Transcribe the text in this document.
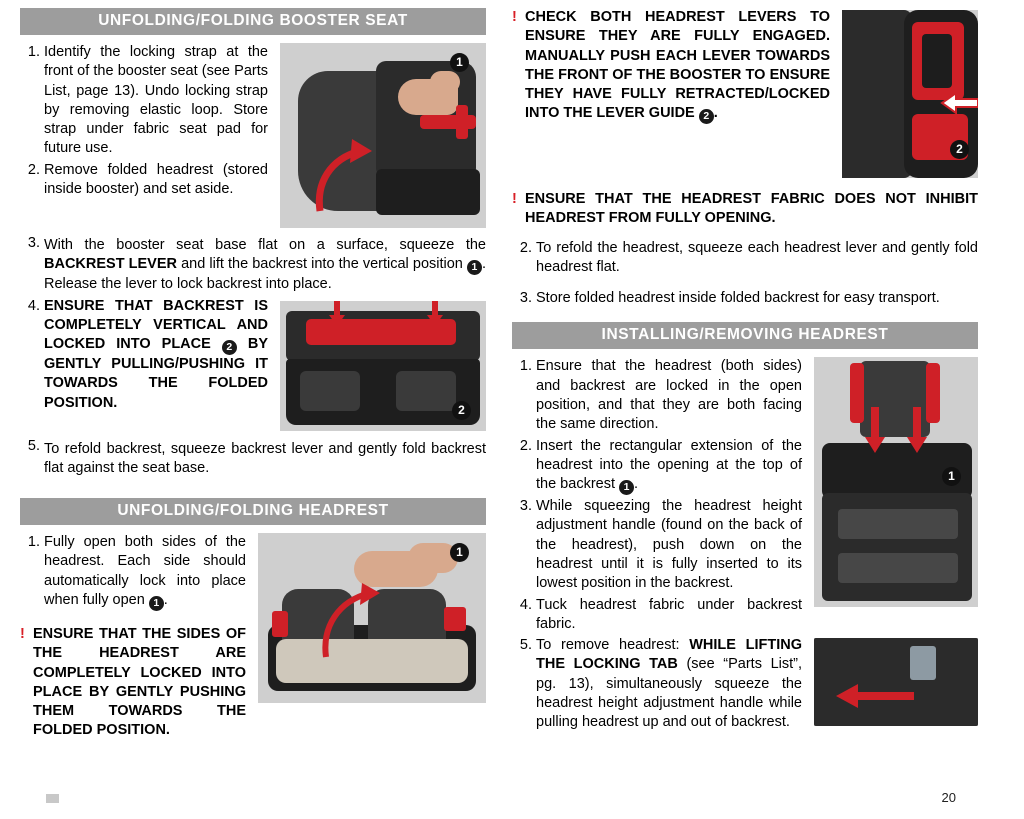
UNFOLDING/FOLDING BOOSTER SEAT
1
1. Identify the locking strap at the front of the booster seat (see Parts List, page 13). Undo locking strap by removing elastic loop. Store strap under fabric seat pad for future use.
2. Remove folded headrest (stored inside booster) and set aside.
3. With the booster seat base flat on a surface, squeeze the BACKREST LEVER and lift the backrest into the vertical position 1 . Release the lever to lock backrest into place.
2
4. ENSURE THAT BACKREST IS COMPLETELY VERTICAL AND LOCKED INTO PLACE 2 BY GENTLY PULLING/PUSHING IT TOWARDS THE FOLDED POSITION.
5. To refold backrest, squeeze backrest lever and gently fold backrest flat against the seat base.
UNFOLDING/FOLDING HEADREST
1
1. Fully open both sides of the headrest. Each side should automatically lock into place when fully open 1 .
! ENSURE THAT THE SIDES OF THE HEADREST ARE COMPLETELY LOCKED INTO PLACE BY GENTLY PUSHING THEM TOWARDS THE FOLDED POSITION.
2
! CHECK BOTH HEADREST LEVERS TO ENSURE THEY ARE FULLY ENGAGED. MANUALLY PUSH EACH LEVER TOWARDS THE FRONT OF THE BOOSTER TO ENSURE THEY HAVE FULLY RETRACTED/LOCKED INTO THE LEVER GUIDE 2 .
! ENSURE THAT THE HEADREST FABRIC DOES NOT INHIBIT HEADREST FROM FULLY OPENING.
2. To refold the headrest, squeeze each headrest lever and gently fold headrest flat.
3. Store folded headrest inside folded backrest for easy transport.
INSTALLING/REMOVING HEADREST
1
1. Ensure that the headrest (both sides) and backrest are locked in the open position, and that they are both facing the same direction.
2. Insert the rectangular extension of the headrest into the opening at the top of the backrest 1 .
3. While squeezing the headrest height adjustment handle (found on the back of the headrest), push down on the headrest until it is fully inserted to its lowest position in the backrest.
4. Tuck headrest fabric under backrest fabric.
5. To remove headrest: WHILE LIFTING THE LOCKING TAB (see “Parts List”, pg. 13), simultaneously squeeze the headrest height adjustment handle while pulling headrest up and out of backrest.
20
